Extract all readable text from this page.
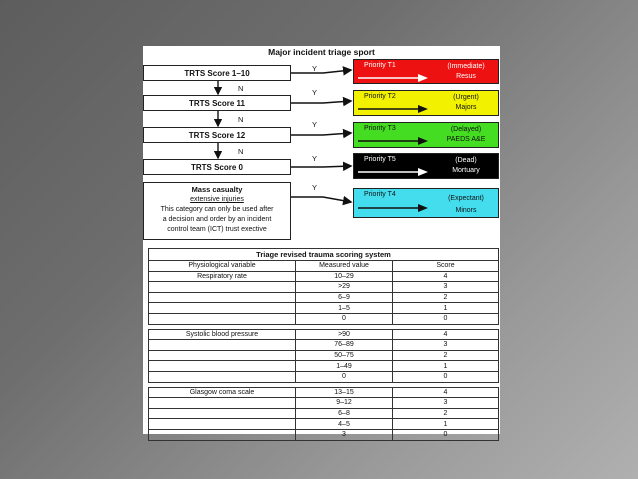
Major incident triage sport
TRTS Score 1–10
TRTS Score 11
TRTS Score 12
TRTS Score 0
N
N
N
Y
Y
Y
Y
Y
Mass casualty
extensive injuries
This category can only be used after
a decision and order by an incident
control team (ICT) trust exective
Priority T1	(Immediate)
Resus
Priority T2	(Urgent)
Majors
Priority T3	(Delayed)
PAEDS A&E
Priority T5	(Dead)
Mortuary
Priority T4
(Expectant)
Minors
Triage revised trauma scoring system		
Physiological variable	Measured value	Score
Respiratory rate	10–29	4
	>29	3
	6–9	2
	1–5	1
	0	0

Systolic blood pressure	>90	4
	76–89	3
	50–75	2
	1–49	1
	0	0

Glasgow coma scale	13–15	4
	9–12	3
	6–8	2
	4–5	1
	3	0
